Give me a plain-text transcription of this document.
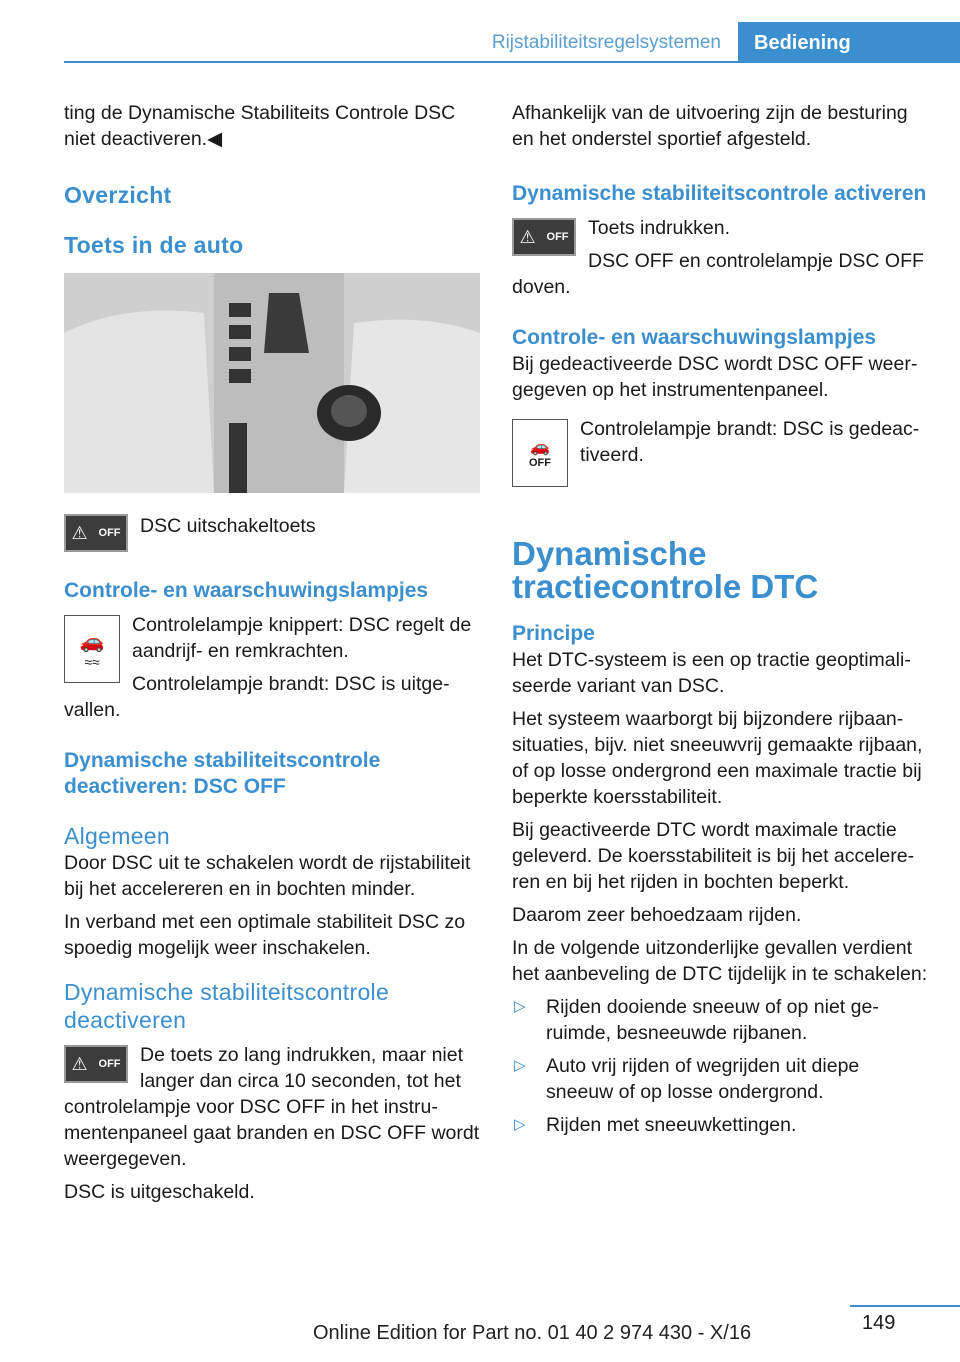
Rijstabiliteitsregelsystemen	Bediening

ting de Dynamische Stabiliteits Controle DSC niet deactiveren.◀

Overzicht
Toets in de auto
⚠ OFF DSC uitschakeltoets

Controle- en waarschuwingslampjes
🚗
≈≈

Controlelampje knippert: DSC regelt de aandrijf- en remkrachten.

Controlelampje brandt: DSC is uitgevallen.

Dynamische stabiliteitscontrole deactiveren: DSC OFF
Algemeen

Door DSC uit te schakelen wordt de rijstabiliteit bij het accelereren en in bochten minder.

In verband met een optimale stabiliteit DSC zo spoedig mogelijk weer inschakelen.

Dynamische stabiliteitscontrole deactiveren
⚠ OFF De toets zo lang indrukken, maar niet langer dan circa 10 seconden, tot het controlelampje voor DSC OFF in het instrumentenpaneel gaat branden en DSC OFF wordt weergegeven.

DSC is uitgeschakeld.

Afhankelijk van de uitvoering zijn de besturing en het onderstel sportief afgesteld.

Dynamische stabiliteitscontrole activeren
⚠ OFF Toets indrukken.

DSC OFF en controlelampje DSC OFF doven.

Controle- en waarschuwingslampjes

Bij gedeactiveerde DSC wordt DSC OFF weergegeven op het instrumentenpaneel.

🚗
OFF

Controlelampje brandt: DSC is gedeactiveerd.

Dynamische tractiecontrole DTC
Principe

Het DTC-systeem is een op tractie geoptimaliseerde variant van DSC.

Het systeem waarborgt bij bijzondere rijbaansituaties, bijv. niet sneeuwvrij gemaakte rijbaan, of op losse ondergrond een maximale tractie bij beperkte koersstabiliteit.

Bij geactiveerde DTC wordt maximale tractie geleverd. De koersstabiliteit is bij het accelereren en bij het rijden in bochten beperkt.

Daarom zeer behoedzaam rijden.

In de volgende uitzonderlijke gevallen verdient het aanbeveling de DTC tijdelijk in te schakelen:

▷ Rijden dooiende sneeuw of op niet geruimde, besneeuwde rijbanen.
▷ Auto vrij rijden of wegrijden uit diepe sneeuw of op losse ondergrond.
▷ Rijden met sneeuwkettingen.
149
Online Edition for Part no. 01 40 2 974 430 - X/16
